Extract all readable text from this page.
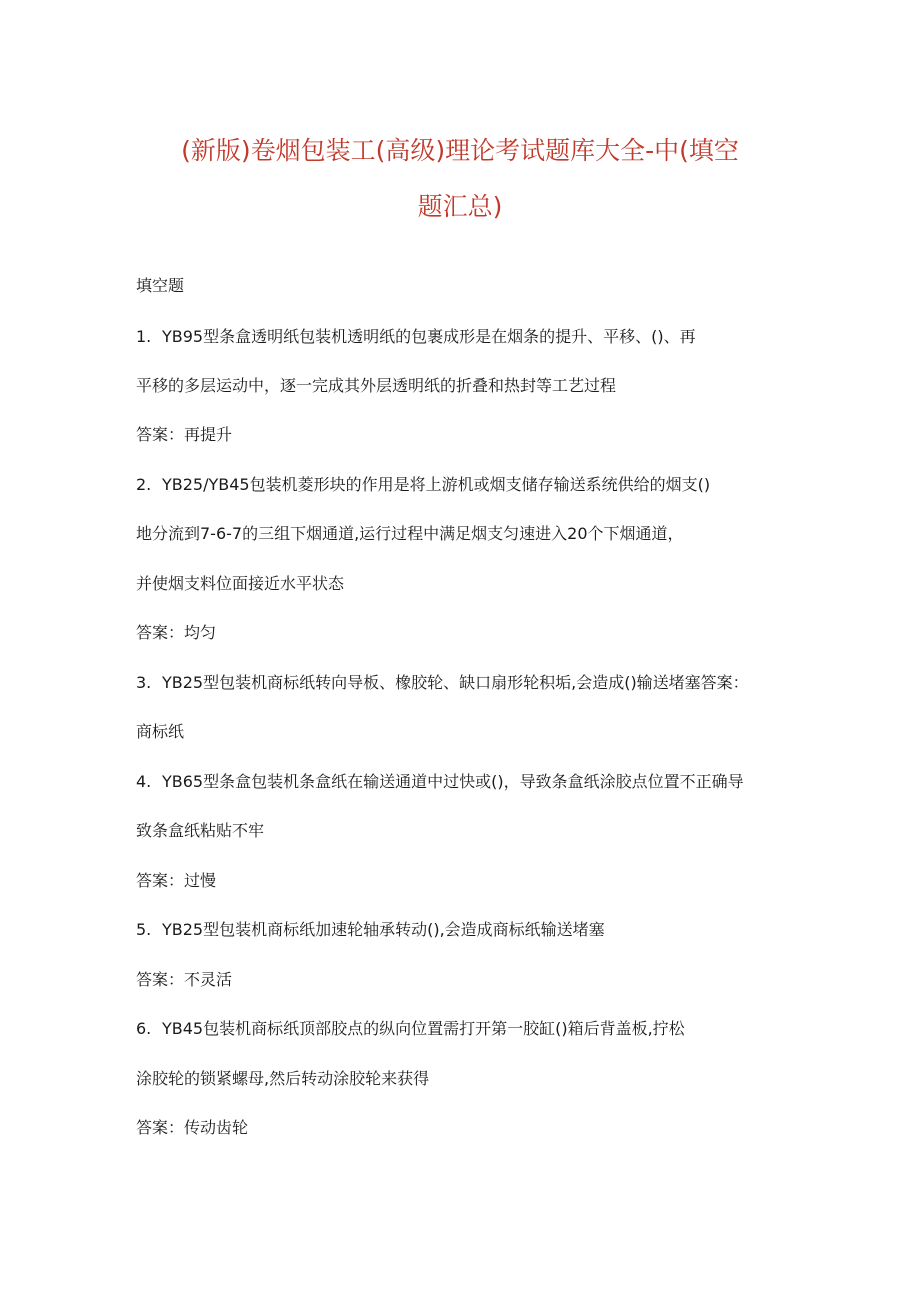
(新版)卷烟包装工(高级)理论考试题库大全-中(填空
题汇总)
填空题
1. YB95型条盒透明纸包装机透明纸的包裹成形是在烟条的提升、平移、()、再
平移的多层运动中，逐一完成其外层透明纸的折叠和热封等工艺过程
答案：再提升
2. YB25/YB45包装机菱形块的作用是将上游机或烟支储存输送系统供给的烟支()
地分流到7-6-7的三组下烟通道,运行过程中满足烟支匀速进入20个下烟通道，
并使烟支料位面接近水平状态
答案：均匀
3. YB25型包装机商标纸转向导板、橡胶轮、缺口扇形轮积垢,会造成()输送堵塞答案：
商标纸
4. YB65型条盒包装机条盒纸在输送通道中过快或()，导致条盒纸涂胶点位置不正确导
致条盒纸粘贴不牢
答案：过慢
5. YB25型包装机商标纸加速轮轴承转动(),会造成商标纸输送堵塞
答案：不灵活
6. YB45包装机商标纸顶部胶点的纵向位置需打开第一胶缸()箱后背盖板,拧松
涂胶轮的锁紧螺母,然后转动涂胶轮来获得
答案：传动齿轮
